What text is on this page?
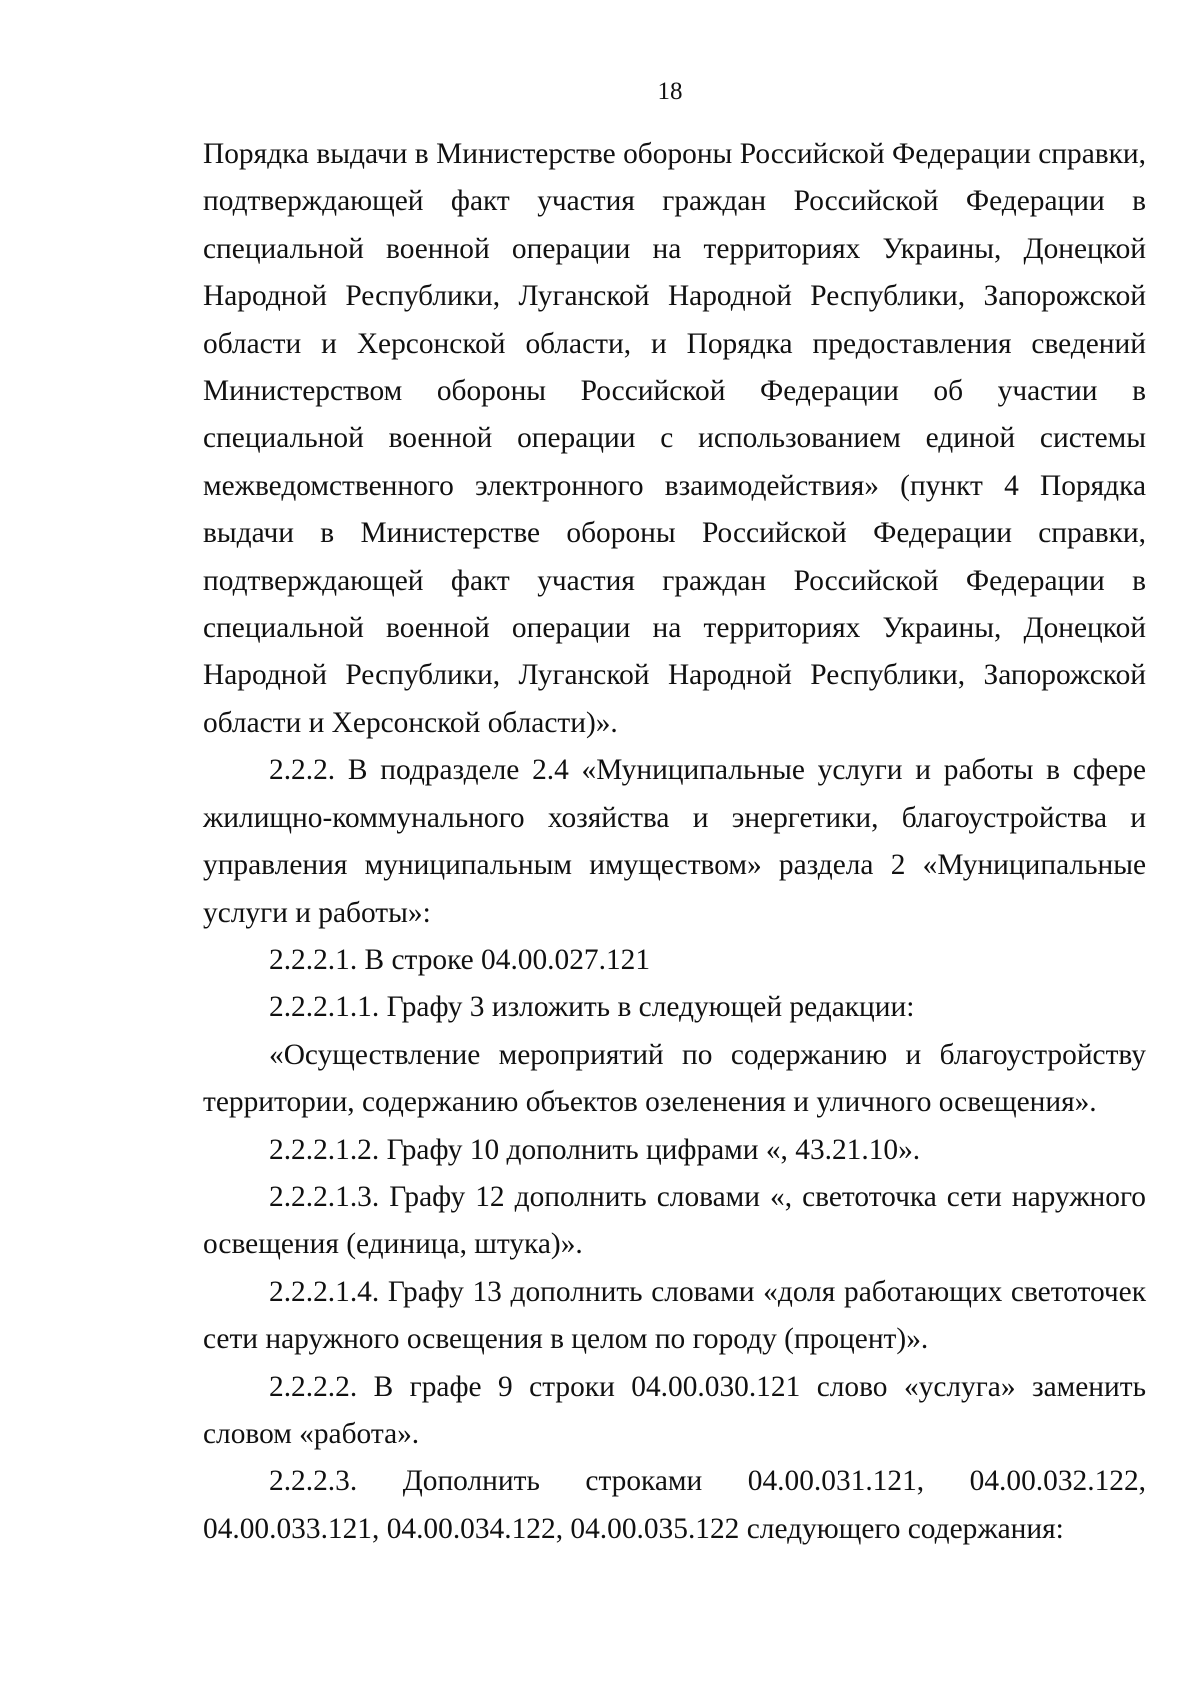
18

Порядка выдачи в Министерстве обороны Российской Федерации справки, подтверждающей факт участия граждан Российской Федерации в специальной военной операции на территориях Украины, Донецкой Народной Республики, Луганской Народной Республики, Запорожской области и Херсонской области, и Порядка предоставления сведений Министерством обороны Российской Федерации об участии в специальной военной операции с использованием единой системы межведомственного электронного взаимодействия» (пункт 4 Порядка выдачи в Министерстве обороны Российской Федерации справки, подтверждающей факт участия граждан Российской Федерации в специальной военной операции на территориях Украины, Донецкой Народной Республики, Луганской Народной Республики, Запорожской области и Херсонской области)».

2.2.2. В подразделе 2.4 «Муниципальные услуги и работы в сфере жилищно-коммунального хозяйства и энергетики, благоустройства и управления муниципальным имуществом» раздела 2 «Муниципальные услуги и работы»:

2.2.2.1. В строке 04.00.027.121

2.2.2.1.1. Графу 3 изложить в следующей редакции:

«Осуществление мероприятий по содержанию и благоустройству территории, содержанию объектов озеленения и уличного освещения».

2.2.2.1.2. Графу 10 дополнить цифрами «, 43.21.10».

2.2.2.1.3. Графу 12 дополнить словами «, светоточка сети наружного освещения (единица, штука)».

2.2.2.1.4. Графу 13 дополнить словами «доля работающих светоточек сети наружного освещения в целом по городу (процент)».

2.2.2.2. В графе 9 строки 04.00.030.121 слово «услуга» заменить словом «работа».

2.2.2.3. Дополнить строками 04.00.031.121, 04.00.032.122, 04.00.033.121, 04.00.034.122, 04.00.035.122 следующего содержания:
